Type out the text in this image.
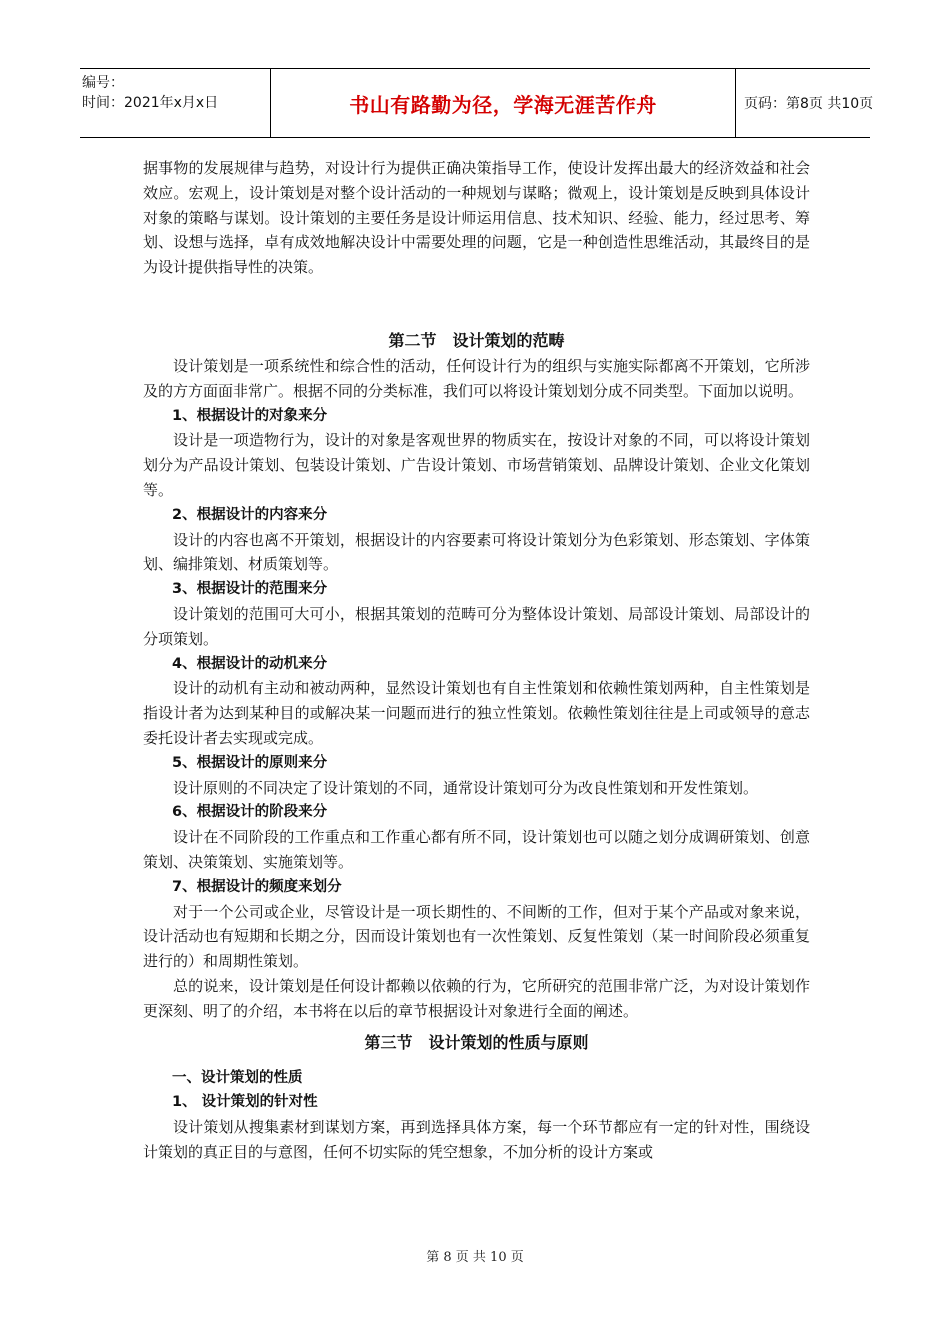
编号：
时间：2021年x月x日	书山有路勤为径，学海无涯苦作舟	页码：第8页 共10页

据事物的发展规律与趋势，对设计行为提供正确决策指导工作，使设计发挥出最大的经济效益和社会效应。宏观上，设计策划是对整个设计活动的一种规划与谋略；微观上，设计策划是反映到具体设计对象的策略与谋划。设计策划的主要任务是设计师运用信息、技术知识、经验、能力，经过思考、筹划、设想与选择，卓有成效地解决设计中需要处理的问题，它是一种创造性思维活动，其最终目的是为设计提供指导性的决策。

第二节　设计策划的范畴

设计策划是一项系统性和综合性的活动，任何设计行为的组织与实施实际都离不开策划，它所涉及的方方面面非常广。根据不同的分类标准，我们可以将设计策划划分成不同类型。下面加以说明。

1、根据设计的对象来分

设计是一项造物行为，设计的对象是客观世界的物质实在，按设计对象的不同，可以将设计策划划分为产品设计策划、包装设计策划、广告设计策划、市场营销策划、品牌设计策划、企业文化策划等。

2、根据设计的内容来分

设计的内容也离不开策划，根据设计的内容要素可将设计策划分为色彩策划、形态策划、字体策划、编排策划、材质策划等。

3、根据设计的范围来分

设计策划的范围可大可小，根据其策划的范畴可分为整体设计策划、局部设计策划、局部设计的分项策划。

4、根据设计的动机来分

设计的动机有主动和被动两种，显然设计策划也有自主性策划和依赖性策划两种，自主性策划是指设计者为达到某种目的或解决某一问题而进行的独立性策划。依赖性策划往往是上司或领导的意志委托设计者去实现或完成。

5、根据设计的原则来分

设计原则的不同决定了设计策划的不同，通常设计策划可分为改良性策划和开发性策划。

6、根据设计的阶段来分

设计在不同阶段的工作重点和工作重心都有所不同，设计策划也可以随之划分成调研策划、创意策划、决策策划、实施策划等。

7、根据设计的频度来划分

对于一个公司或企业，尽管设计是一项长期性的、不间断的工作，但对于某个产品或对象来说，设计活动也有短期和长期之分，因而设计策划也有一次性策划、反复性策划（某一时间阶段必须重复进行的）和周期性策划。

总的说来，设计策划是任何设计都赖以依赖的行为，它所研究的范围非常广泛，为对设计策划作更深刻、明了的介绍，本书将在以后的章节根据设计对象进行全面的阐述。

第三节　设计策划的性质与原则
一、设计策划的性质
1、 设计策划的针对性

设计策划从搜集素材到谋划方案，再到选择具体方案，每一个环节都应有一定的针对性，围绕设计策划的真正目的与意图，任何不切实际的凭空想象，不加分析的设计方案或

第 8 页 共 10 页
